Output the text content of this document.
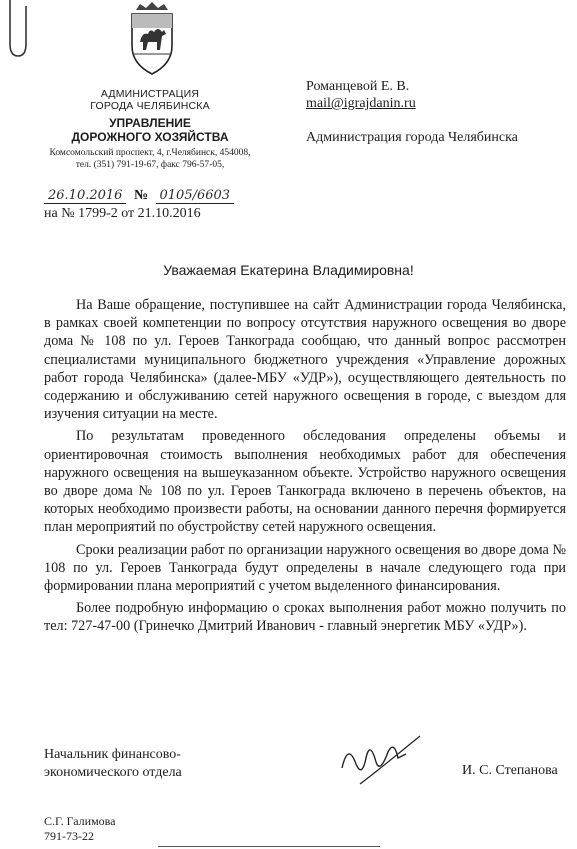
АДМИНИСТРАЦИЯ
ГОРОДА ЧЕЛЯБИНСКА
УПРАВЛЕНИЕ
ДОРОЖНОГО ХОЗЯЙСТВА
Комсомольский проспект, 4, г.Челябинск, 454008,
тел. (351) 791-19-67, факс 796-57-05,
Романцевой Е. В.
mail@igrajdanin.ru
Администрация города Челябинска
26.10.2016 № 0105/6603
на № 1799-2 от 21.10.2016
Уважаемая Екатерина Владимировна!

На Ваше обращение, поступившее на сайт Администрации города Челябинска, в рамках своей компетенции по вопросу отсутствия наружного освещения во дворе дома № 108 по ул. Героев Танкограда сообщаю, что данный вопрос рассмотрен специалистами муниципального бюджетного учреждения «Управление дорожных работ города Челябинска» (далее-МБУ «УДР»), осуществляющего деятельность по содержанию и обслуживанию сетей наружного освещения в городе, с выездом для изучения ситуации на месте.

По результатам проведенного обследования определены объемы и ориентировочная стоимость выполнения необходимых работ для обеспечения наружного освещения на вышеуказанном объекте. Устройство наружного освещения во дворе дома № 108 по ул. Героев Танкограда включено в перечень объектов, на которых необходимо произвести работы, на основании данного перечня формируется план мероприятий по обустройству сетей наружного освещения.

Сроки реализации работ по организации наружного освещения во дворе дома № 108 по ул. Героев Танкограда будут определены в начале следующего года при формировании плана мероприятий с учетом выделенного финансирования.

Более подробную информацию о сроках выполнения работ можно получить по тел: 727-47-00 (Гринечко Дмитрий Иванович - главный энергетик МБУ «УДР»).

Начальник финансово-
экономического отдела	И. С. Степанова
С.Г. Галимова
791-73-22
